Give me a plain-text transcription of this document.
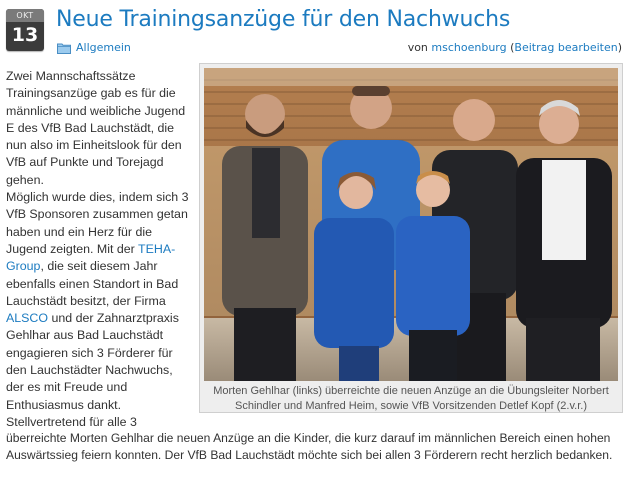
OKT
13
Neue Trainingsanzüge für den Nachwuchs
Allgemein	von mschoenburg (Beitrag bearbeiten)
Zwei Mannschaftssätze Trainingsanzüge gab es für die männliche und weibliche Jugend E des VfB Bad Lauchstädt, die nun also im Einheitslook für den VfB auf Punkte und Torejagd gehen.
Möglich wurde dies, indem sich 3 VfB Sponsoren zusammen getan haben und ein Herz für die Jugend zeigten. Mit der TEHA-Group, die seit diesem Jahr ebenfalls einen Standort in Bad Lauchstädt besitzt, der Firma ALSCO und der Zahnarztpraxis Gehlhar aus Bad Lauchstädt engagieren sich 3 Förderer für den Lauchstädter Nachwuchs, der es mit Freude und Enthusiasmus dankt.
Stellvertretend für alle 3
überreichte Morten Gehlhar die neuen Anzüge an die Kinder, die kurz darauf im männlichen Bereich einen hohen Auswärtssieg feiern konnten. Der VfB Bad Lauchstädt möchte sich bei allen 3 Förderern recht herzlich bedanken.
Morten Gehlhar (links) überreichte die neuen Anzüge an die Übungsleiter Norbert Schindler und Manfred Heim, sowie VfB Vorsitzenden Detlef Kopf (2.v.r.)
